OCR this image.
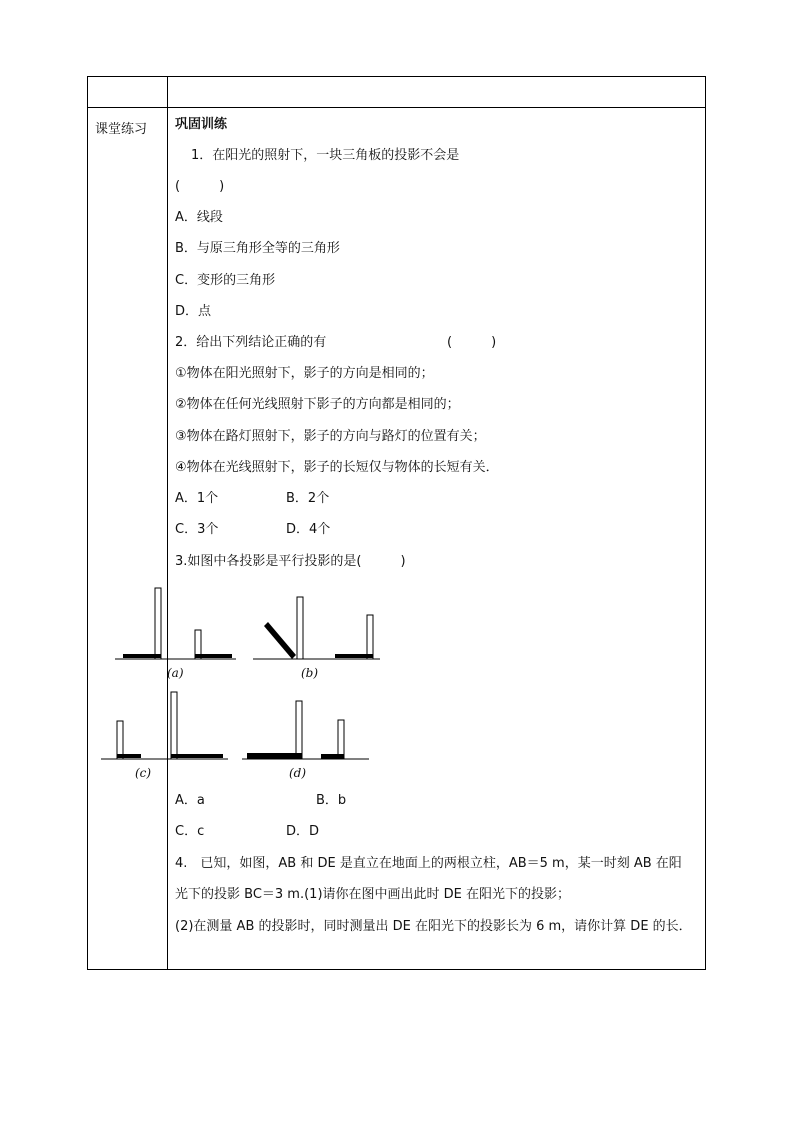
课堂练习 巩固训练
1．在阳光的照射下，一块三角板的投影不会是
(　　　)
A．线段
B．与原三角形全等的三角形
C．变形的三角形
D．点
2．给出下列结论正确的有	(　　　)
①物体在阳光照射下，影子的方向是相同的；
②物体在任何光线照射下影子的方向都是相同的；
③物体在路灯照射下，影子的方向与路灯的位置有关；
④物体在光线照射下，影子的长短仅与物体的长短有关．
A．1个	B．2个
C．3个	D．4个
3.如图中各投影是平行投影的是(　　　)
(a)	(b)
(c)	(d)
A．a	B．b
C．c	D．D
4.　已知，如图，AB 和 DE 是直立在地面上的两根立柱，AB＝5 m，某一时刻 AB 在阳
光下的投影 BC＝3 m.(1)请你在图中画出此时 DE 在阳光下的投影；
(2)在测量 AB 的投影时，同时测量出 DE 在阳光下的投影长为 6 m，请你计算 DE 的长．
